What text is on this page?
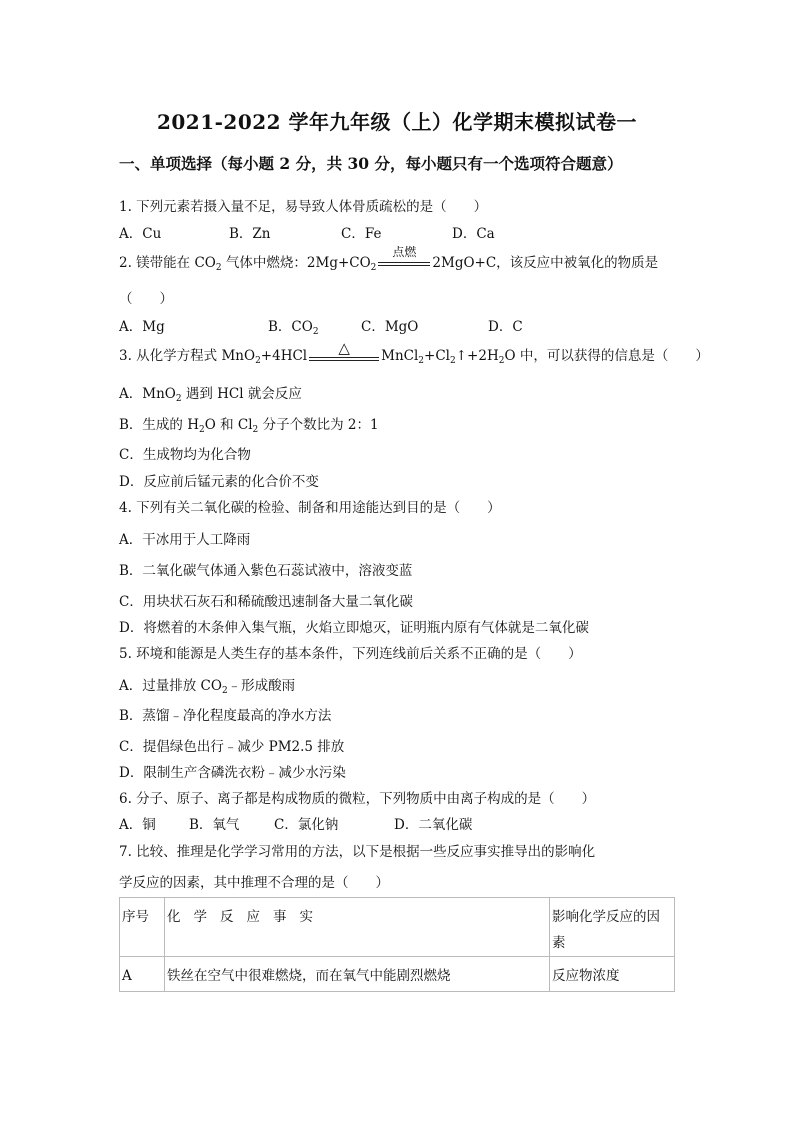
2021-2022 学年九年级（上）化学期末模拟试卷一
一、单项选择（每小题 2 分，共 30 分，每小题只有一个选项符合题意）
1. 下列元素若摄入量不足，易导致人体骨质疏松的是（　　）
A．Cu	B．Zn	C．Fe	D．Ca
2. 镁带能在 $CO_2$ 气体中燃烧：$2Mg+CO_2$
点燃
2MgO+C，该反应中被氧化的物质是
（　　）
A．Mg	B．$CO_2$	C．MgO	D．C
3. 从化学方程式 MnO$_2$+4HCl	△	$MnCl_2+Cl_2↑+2H_2O$ 中，可以获得的信息是（　　）
A．MnO$_2$ 遇到 HCl 就会反应
B．生成的 $H_2O$ 和 $Cl_2$ 分子个数比为 2：1
C．生成物均为化合物
D．反应前后锰元素的化合价不变
4. 下列有关二氧化碳的检验、制备和用途能达到目的是（　　）
A．干冰用于人工降雨
B．二氧化碳气体通入紫色石蕊试液中，溶液变蓝
C．用块状石灰石和稀硫酸迅速制备大量二氧化碳
D．将燃着的木条伸入集气瓶，火焰立即熄灭，证明瓶内原有气体就是二氧化碳
5. 环境和能源是人类生存的基本条件，下列连线前后关系不正确的是（　　）
A．过量排放 $CO_2﹣$形成酸雨
B．蒸馏﹣净化程度最高的净水方法
C．提倡绿色出行﹣减少 PM2.5 排放
D．限制生产含磷洗衣粉﹣减少水污染
6. 分子、原子、离子都是构成物质的微粒，下列物质中由离子构成的是（　　）
A．铜 B．氧气	C．氯化钠	D．二氧化碳
7. 比较、推理是化学学习常用的方法，以下是根据一些反应事实推导出的影响化
学反应的因素，其中推理不合理的是（　　）
序号	化 学 反 应 事 实	影响化学反应的因素
A	铁丝在空气中很难燃烧，而在氧气中能剧烈燃烧	反应物浓度
